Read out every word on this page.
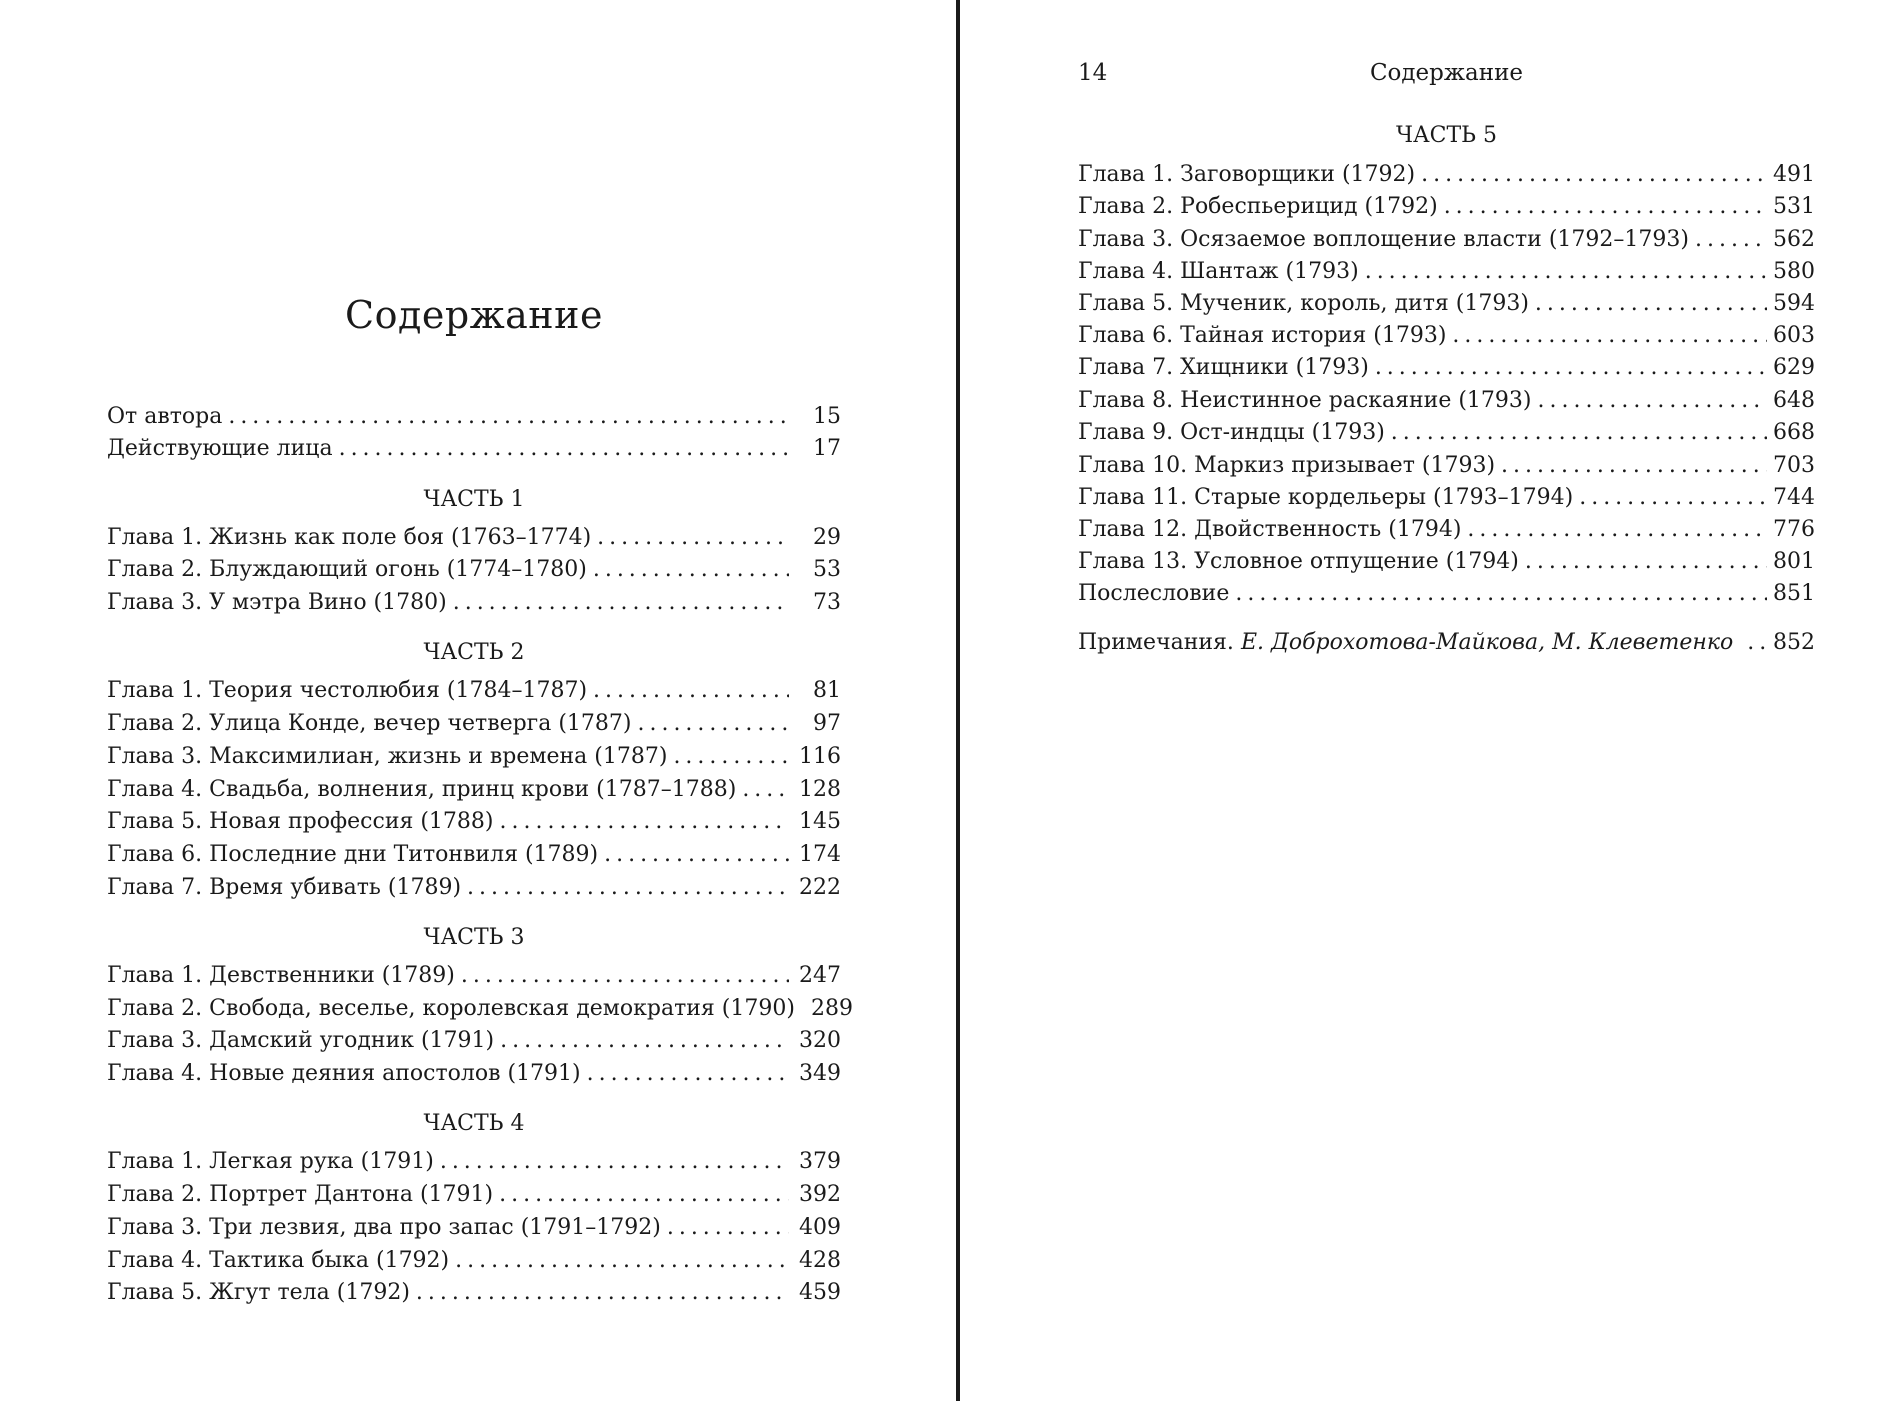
Содержание
От автора . . .	15
Действующие лица . . .	17
ЧАСТЬ 1
Глава 1. Жизнь как поле боя (1763–1774) . . .	29
Глава 2. Блуждающий огонь (1774–1780) . . .	53
Глава 3. У мэтра Вино (1780) . . .	73
ЧАСТЬ 2
Глава 1. Теория честолюбия (1784–1787) . . .	81
Глава 2. Улица Конде, вечер четверга (1787) . . .	97
Глава 3. Максимилиан, жизнь и времена (1787) . . .	116
Глава 4. Свадьба, волнения, принц крови (1787–1788) . . .	128
Глава 5. Новая профессия (1788) . . .	145
Глава 6. Последние дни Титонвиля (1789) . . .	174
Глава 7. Время убивать (1789) . . .	222
ЧАСТЬ 3
Глава 1. Девственники (1789) . . .	247
Глава 2. Свобода, веселье, королевская демократия (1790) 289
Глава 3. Дамский угодник (1791) . . .	320
Глава 4. Новые деяния апостолов (1791) . . .	349
ЧАСТЬ 4
Глава 1. Легкая рука (1791) . . .	379
Глава 2. Портрет Дантона (1791) . . .	392
Глава 3. Три лезвия, два про запас (1791–1792) . . .	409
Глава 4. Тактика быка (1792) . . .	428
Глава 5. Жгут тела (1792) . . .	459
14	Содержание
ЧАСТЬ 5
Глава 1. Заговорщики (1792) . . .	491
Глава 2. Робеспьерицид (1792) . . .	531
Глава 3. Осязаемое воплощение власти (1792–1793) . . .	562
Глава 4. Шантаж (1793) . . .	580
Глава 5. Мученик, король, дитя (1793) . . .	594
Глава 6. Тайная история (1793) . . .	603
Глава 7. Хищники (1793) . . .	629
Глава 8. Неистинное раскаяние (1793) . . .	648
Глава 9. Ост-индцы (1793) . . .	668
Глава 10. Маркиз призывает (1793) . . .	703
Глава 11. Старые кордельеры (1793–1794) . . .	744
Глава 12. Двойственность (1794) . . .	776
Глава 13. Условное отпущение (1794) . . .	801
Послесловие . . .	851
Примечания. Е. Доброхотова-Майкова, М. Клеветенко . . .	852
